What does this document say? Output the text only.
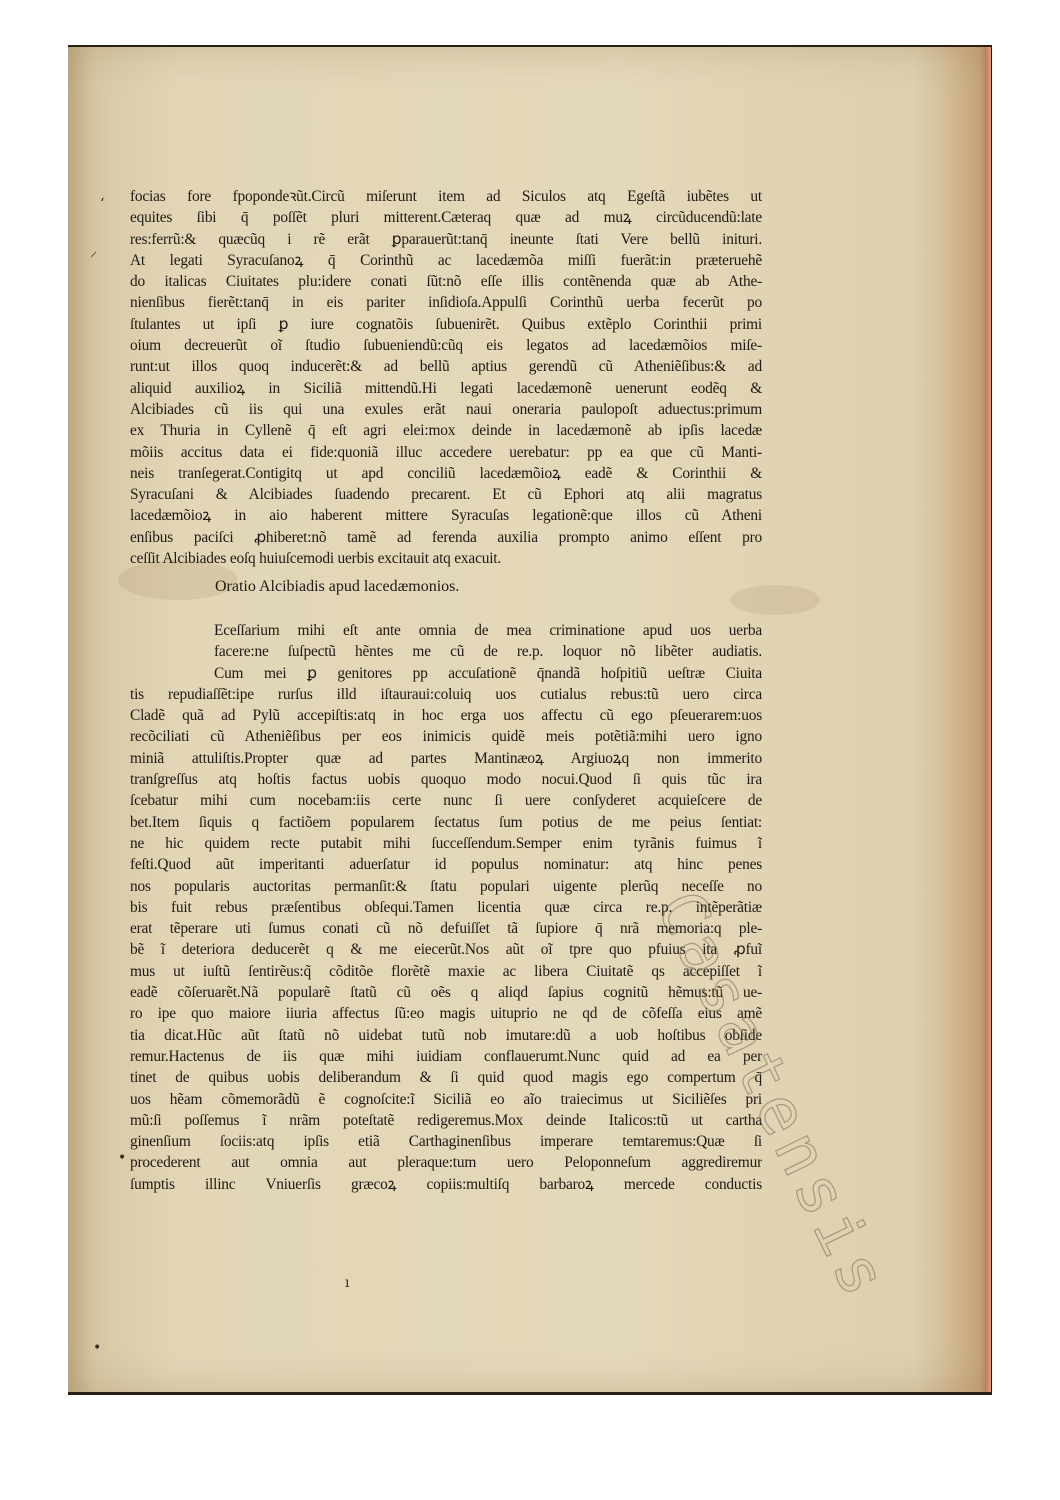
‘
⸝
•
•
ı
focias fore fpopondeꝛũt.Circũ miſerunt item ad Siculos atq Egeſtã iubẽtes ut
equites ſibi q̄ poſſẽt pluri mitterent.Cæteraq quæ ad muꝝ circũducendũ:late
res:ferrũ:& quæcũq i rẽ erãt ꝑparauerũt:tanq̄ ineunte ſtati Vere bellũ inituri.
At legati Syracuſanoꝝ q̄ Corinthũ ac lacedæmõa miſſi fuerãt:in præteruehẽ
do italicas Ciuitates plu:idere conati ſũt:nõ eſſe illis contẽnenda quæ ab Athe-
nienſibus fierẽt:tanq̄ in eis pariter inſidioſa.Appulſi Corinthũ uerba fecerũt po
ſtulantes ut ipſi ꝑ iure cognatõis ſubuenirẽt. Quibus extẽplo Corinthii primi
oium decreuerũt oĩ ſtudio ſubueniendũ:cũq eis legatos ad lacedæmõios miſe-
runt:ut illos quoq inducerẽt:& ad bellũ aptius gerendũ cũ Atheniẽſibus:& ad
aliquid auxilioꝝ in Siciliã mittendũ.Hi legati lacedæmonẽ uenerunt eodẽq &
Alcibiades cũ iis qui una exules erãt naui oneraria paulopoſt aduectus:primum
ex Thuria in Cyllenẽ q̄ eſt agri elei:mox deinde in lacedæmonẽ ab ipſis lacedæ
mõiis accitus data ei fide:quoniã illuc accedere uerebatur: pp ea que cũ Manti-
neis tranſegerat.Contigitq ut apd conciliũ lacedæmõioꝝ eadẽ & Corinthii &
Syracuſani & Alcibiades ſuadendo precarent. Et cũ Ephori atq alii magratus
lacedæmõioꝝ in aio haberent mittere Syracuſas legationẽ:que illos cũ Atheni
enſibus paciſci ꝓhiberet:nõ tamẽ ad ferenda auxilia prompto animo eſſent pro
ceſſit Alcibiades eoſq huiuſcemodi uerbis excitauit atq exacuit.
Oratio Alcibiadis apud lacedæmonios.
Eceſſarium mihi eſt ante omnia de mea criminatione apud uos uerba
facere:ne ſuſpectũ hẽntes me cũ de re.p. loquor nõ libẽter audiatis.
Cum mei ꝑ genitores pp accuſationẽ q̄nandã hoſpitiũ ueſtræ Ciuita
tis repudiaſſẽt:ipe rurſus illd iſtauraui:coluiq uos cutialus rebus:tũ uero circa
Cladẽ quã ad Pylũ accepiſtis:atq in hoc erga uos affectu cũ ego pſeuerarem:uos
recõciliati cũ Atheniẽſibus per eos inimicis quidẽ meis potẽtiã:mihi uero igno
miniã attuliſtis.Propter quæ ad partes Mantinæoꝝ Argiuoꝝq non immerito
tranſgreſſus atq hoſtis factus uobis quoquo modo nocui.Quod ſi quis tũc ira
ſcebatur mihi cum nocebam:iis certe nunc ſi uere conſyderet acquieſcere de
bet.Item ſiquis q factiõem popularem ſectatus ſum potius de me peius ſentiat:
ne hic quidem recte putabit mihi ſucceſſendum.Semper enim tyrãnis fuimus ĩ
feſti.Quod aũt imperitanti aduerſatur id populus nominatur: atq hinc penes
nos popularis auctoritas permanſit:& ſtatu populari uigente plerũq neceſſe no
bis fuit rebus præſentibus obſequi.Tamen licentia quæ circa re.p. intẽperãtiæ
erat tẽperare uti ſumus conati cũ nõ defuiſſet tã ſupiore q̄ nrã memoria:q ple-
bẽ ĩ deteriora deducerẽt q & me eiecerũt.Nos aũt oĩ tpre quo pfuius ita ꝓfuĩ
mus ut iuſtũ ſentirẽus:q̃ cõditõe florẽtẽ maxie ac libera Ciuitatẽ qs accepiſſet ĩ
eadẽ cõſeruarẽt.Nã popularẽ ſtatũ cũ oẽs q aliqd ſapius cognitũ hẽmus:tũ ue-
ro ipe quo maiore iiuria affectus ſũ:eo magis uituprio ne qd de cõfeſſa eius amẽ
tia dicat.Hũc aũt ſtatũ nõ uidebat tutũ nob imutare:dũ a uob hoſtibus obſide
remur.Hactenus de iis quæ mihi iuidiam conflauerumt.Nunc quid ad ea per
tinet de quibus uobis deliberandum & ſi quid quod magis ego compertum q̄
uos hẽam cõmemorãdũ ẽ cognoſcite:ĩ Siciliã eo aĩo traiecimus ut Siciliẽſes pri
mũ:ſi poſſemus ĩ nrãm poteſtatẽ redigeremus.Mox deinde Italicos:tũ ut cartha
ginenſium ſociis:atq ipſis etiã Carthaginenſibus imperare temtaremus:Quæ ſi
procederent aut omnia aut pleraque:tum uero Peloponneſum aggrediremur
ſumptis illinc Vniuerſis græcoꝝ copiis:multiſq barbaroꝝ mercede conductis
Casatensis
